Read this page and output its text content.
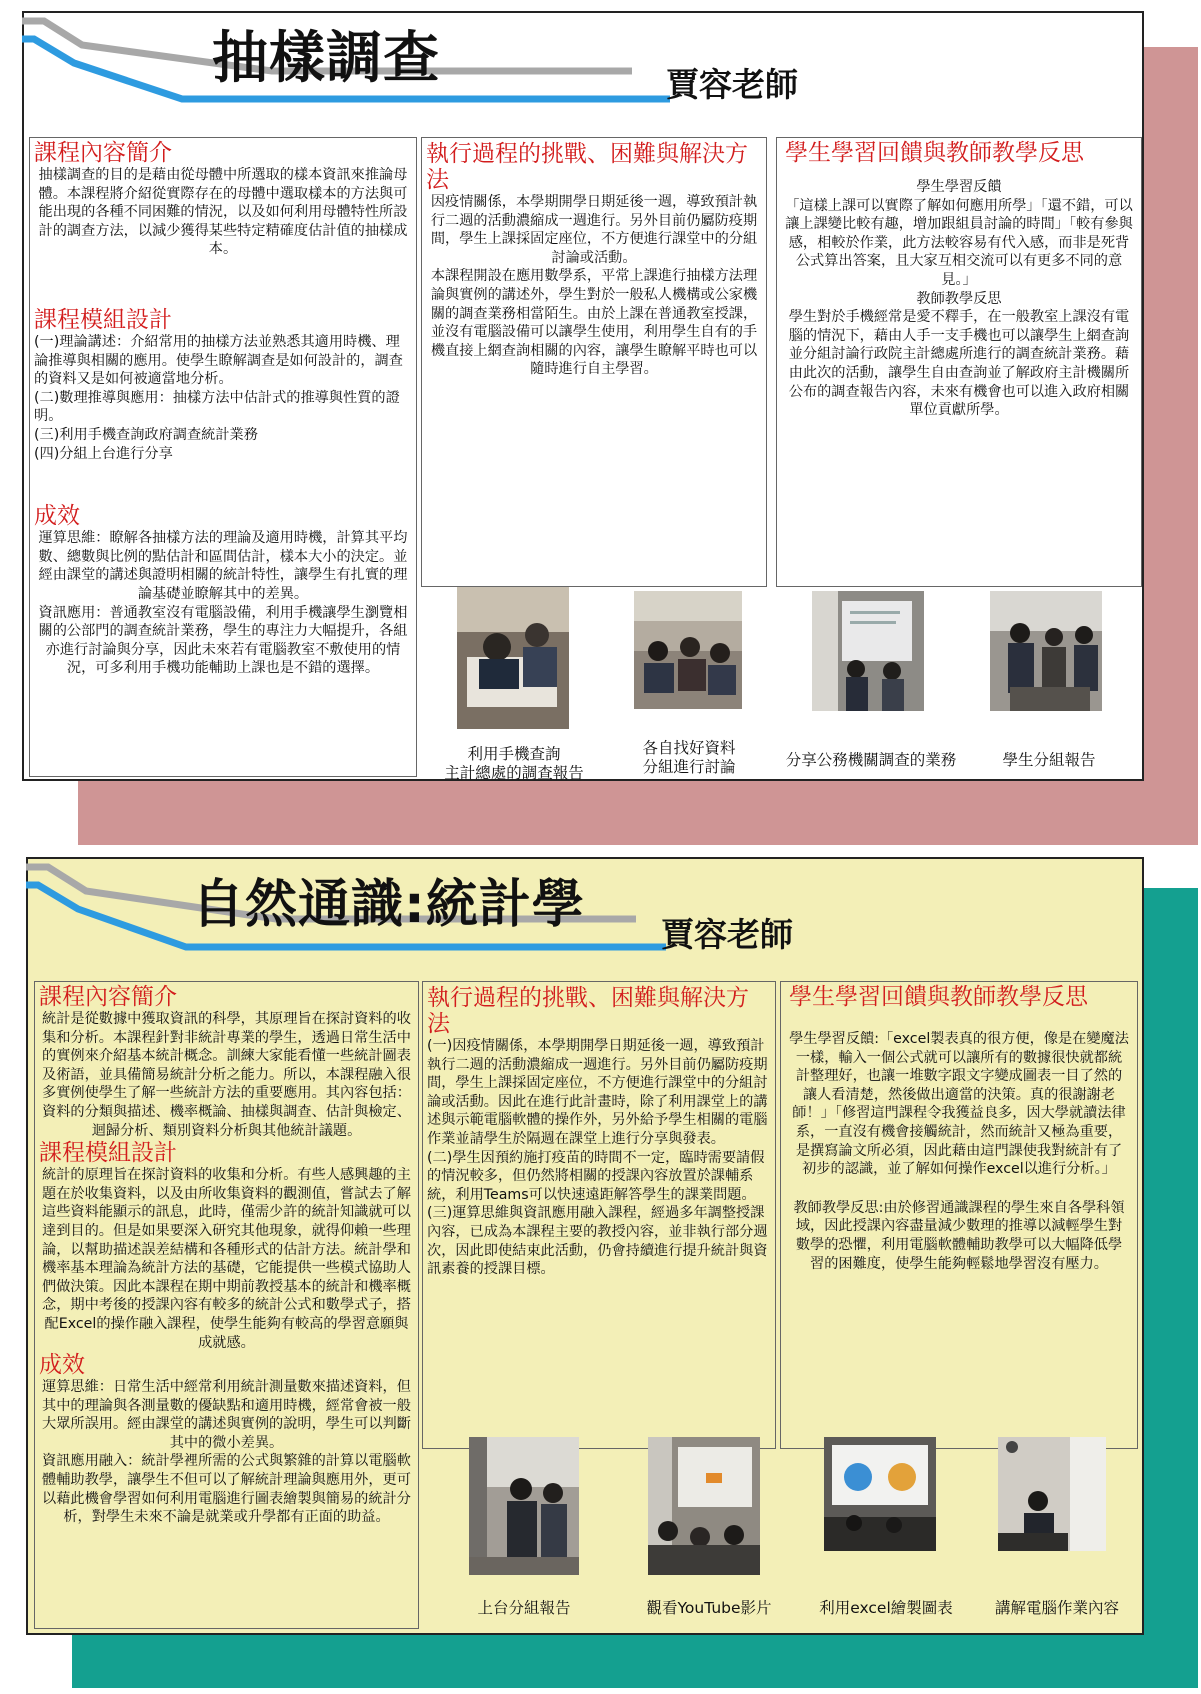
抽樣調查	賈容老師
課程內容簡介

抽樣調查的目的是藉由從母體中所選取的樣本資訊來推論母體。本課程將介紹從實際存在的母體中選取樣本的方法與可能出現的各種不同困難的情況，以及如何利用母體特性所設計的調查方法，以減少獲得某些特定精確度估計值的抽樣成本。

課程模組設計

(一)理論講述：介紹常用的抽樣方法並熟悉其適用時機、理論推導與相關的應用。使學生瞭解調查是如何設計的，調查的資料又是如何被適當地分析。

(二)數理推導與應用：抽樣方法中估計式的推導與性質的證明。

(三)利用手機查詢政府調查統計業務

(四)分組上台進行分享

成效

運算思維：瞭解各抽樣方法的理論及適用時機，計算其平均數、總數與比例的點估計和區間估計，樣本大小的決定。並經由課堂的講述與證明相關的統計特性，讓學生有扎實的理論基礎並瞭解其中的差異。

資訊應用：普通教室沒有電腦設備，利用手機讓學生瀏覽相關的公部門的調查統計業務，學生的專注力大幅提升，各組亦進行討論與分享，因此未來若有電腦教室不敷使用的情況，可多利用手機功能輔助上課也是不錯的選擇。

執行過程的挑戰、困難與解決方法

因疫情關係，本學期開學日期延後一週，導致預計執行二週的活動濃縮成一週進行。另外目前仍屬防疫期間，學生上課採固定座位，不方便進行課堂中的分組討論或活動。

本課程開設在應用數學系，平常上課進行抽樣方法理論與實例的講述外，學生對於一般私人機構或公家機關的調查業務相當陌生。由於上課在普通教室授課，並沒有電腦設備可以讓學生使用，利用學生自有的手機直接上網查詢相關的內容，讓學生瞭解平時也可以隨時進行自主學習。

學生學習回饋與教師教學反思

學生學習反饋

「這樣上課可以實際了解如何應用所學」「還不錯，可以讓上課變比較有趣，增加跟組員討論的時間」「較有參與感，相較於作業，此方法較容易有代入感，而非是死背公式算出答案，且大家互相交流可以有更多不同的意見。」

教師教學反思

學生對於手機經常是愛不釋手，在一般教室上課沒有電腦的情況下，藉由人手一支手機也可以讓學生上網查詢並分組討論行政院主計總處所進行的調查統計業務。藉由此次的活動，讓學生自由查詢並了解政府主計機關所公布的調查報告內容，未來有機會也可以進入政府相關單位貢獻所學。

利用手機查詢
主計總處的調查報告
各自找好資料
分組進行討論	分享公務機關調查的業務	學生分組報告
自然通識:統計學 賈容老師
課程內容簡介

統計是從數據中獲取資訊的科學，其原理旨在探討資料的收集和分析。本課程針對非統計專業的學生，透過日常生活中的實例來介紹基本統計概念。訓練大家能看懂一些統計圖表及術語，並具備簡易統計分析之能力。所以，本課程融入很多實例使學生了解一些統計方法的重要應用。其內容包括：資料的分類與描述、機率概論、抽樣與調查、估計與檢定、迴歸分析、類別資料分析與其他統計議題。

課程模組設計

統計的原理旨在探討資料的收集和分析。有些人感興趣的主題在於收集資料，以及由所收集資料的觀測值，嘗試去了解這些資料能顯示的訊息，此時，僅需少許的統計知識就可以達到目的。但是如果要深入研究其他現象，就得仰賴一些理論，以幫助描述誤差結構和各種形式的估計方法。統計學和機率基本理論為統計方法的基礎，它能提供一些模式協助人們做決策。因此本課程在期中期前教授基本的統計和機率概念，期中考後的授課內容有較多的統計公式和數學式子，搭配Excel的操作融入課程，使學生能夠有較高的學習意願與成就感。

成效

運算思維：日常生活中經常利用統計測量數來描述資料，但其中的理論與各測量數的優缺點和適用時機，經常會被一般大眾所誤用。經由課堂的講述與實例的說明，學生可以判斷其中的微小差異。

資訊應用融入：統計學裡所需的公式與繁雜的計算以電腦軟體輔助教學，讓學生不但可以了解統計理論與應用外，更可以藉此機會學習如何利用電腦進行圖表繪製與簡易的統計分析，對學生未來不論是就業或升學都有正面的助益。

執行過程的挑戰、困難與解決方法

(一)因疫情關係，本學期開學日期延後一週，導致預計執行二週的活動濃縮成一週進行。另外目前仍屬防疫期間，學生上課採固定座位，不方便進行課堂中的分組討論或活動。因此在進行此計畫時，除了利用課堂上的講述與示範電腦軟體的操作外，另外給予學生相關的電腦作業並請學生於隔週在課堂上進行分享與發表。

(二)學生因預約施打疫苗的時間不一定，臨時需要請假的情況較多，但仍然將相關的授課內容放置於課輔系統，利用Teams可以快速遠距解答學生的課業問題。

(三)運算思維與資訊應用融入課程，經過多年調整授課內容，已成為本課程主要的教授內容，並非執行部分週次，因此即使結束此活動，仍會持續進行提升統計與資訊素養的授課目標。

學生學習回饋與教師教學反思

學生學習反饋:「excel製表真的很方便，像是在變魔法一樣，輸入一個公式就可以讓所有的數據很快就都統計整理好，也讓一堆數字跟文字變成圖表一目了然的讓人看清楚，然後做出適當的決策。真的很謝謝老師！」「修習這門課程令我獲益良多，因大學就讀法律系，一直沒有機會接觸統計，然而統計又極為重要，是撰寫論文所必須，因此藉由這門課使我對統計有了初步的認識，並了解如何操作excel以進行分析。」

教師教學反思:由於修習通識課程的學生來自各學科領域，因此授課內容盡量減少數理的推導以減輕學生對數學的恐懼，利用電腦軟體輔助教學可以大幅降低學習的困難度，使學生能夠輕鬆地學習沒有壓力。

上台分組報告	觀看YouTube影片	利用excel繪製圖表	講解電腦作業內容
